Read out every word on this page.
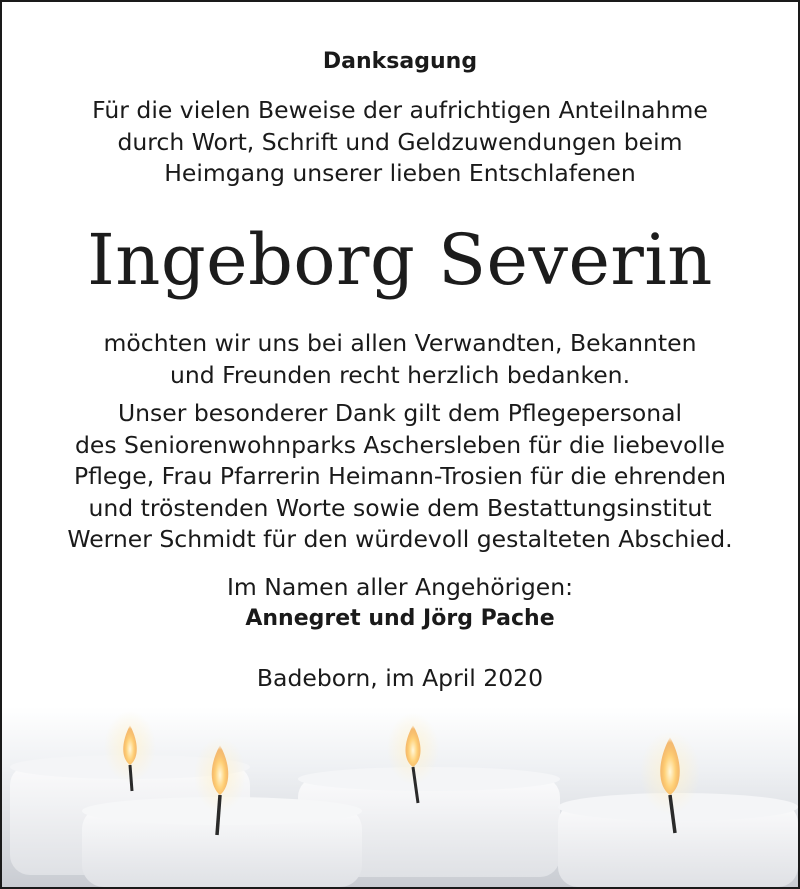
Danksagung
Für die vielen Beweise der aufrichtigen Anteilnahme
durch Wort, Schrift und Geldzuwendungen beim
Heimgang unserer lieben Entschlafenen
Ingeborg Severin
möchten wir uns bei allen Verwandten, Bekannten
und Freunden recht herzlich bedanken.
Unser besonderer Dank gilt dem Pflegepersonal
des Seniorenwohnparks Aschersleben für die liebevolle
Pflege, Frau Pfarrerin Heimann-Trosien für die ehrenden
und tröstenden Worte sowie dem Bestattungsinstitut
Werner Schmidt für den würdevoll gestalteten Abschied.
Im Namen aller Angehörigen:
Annegret und Jörg Pache
Badeborn, im April 2020
